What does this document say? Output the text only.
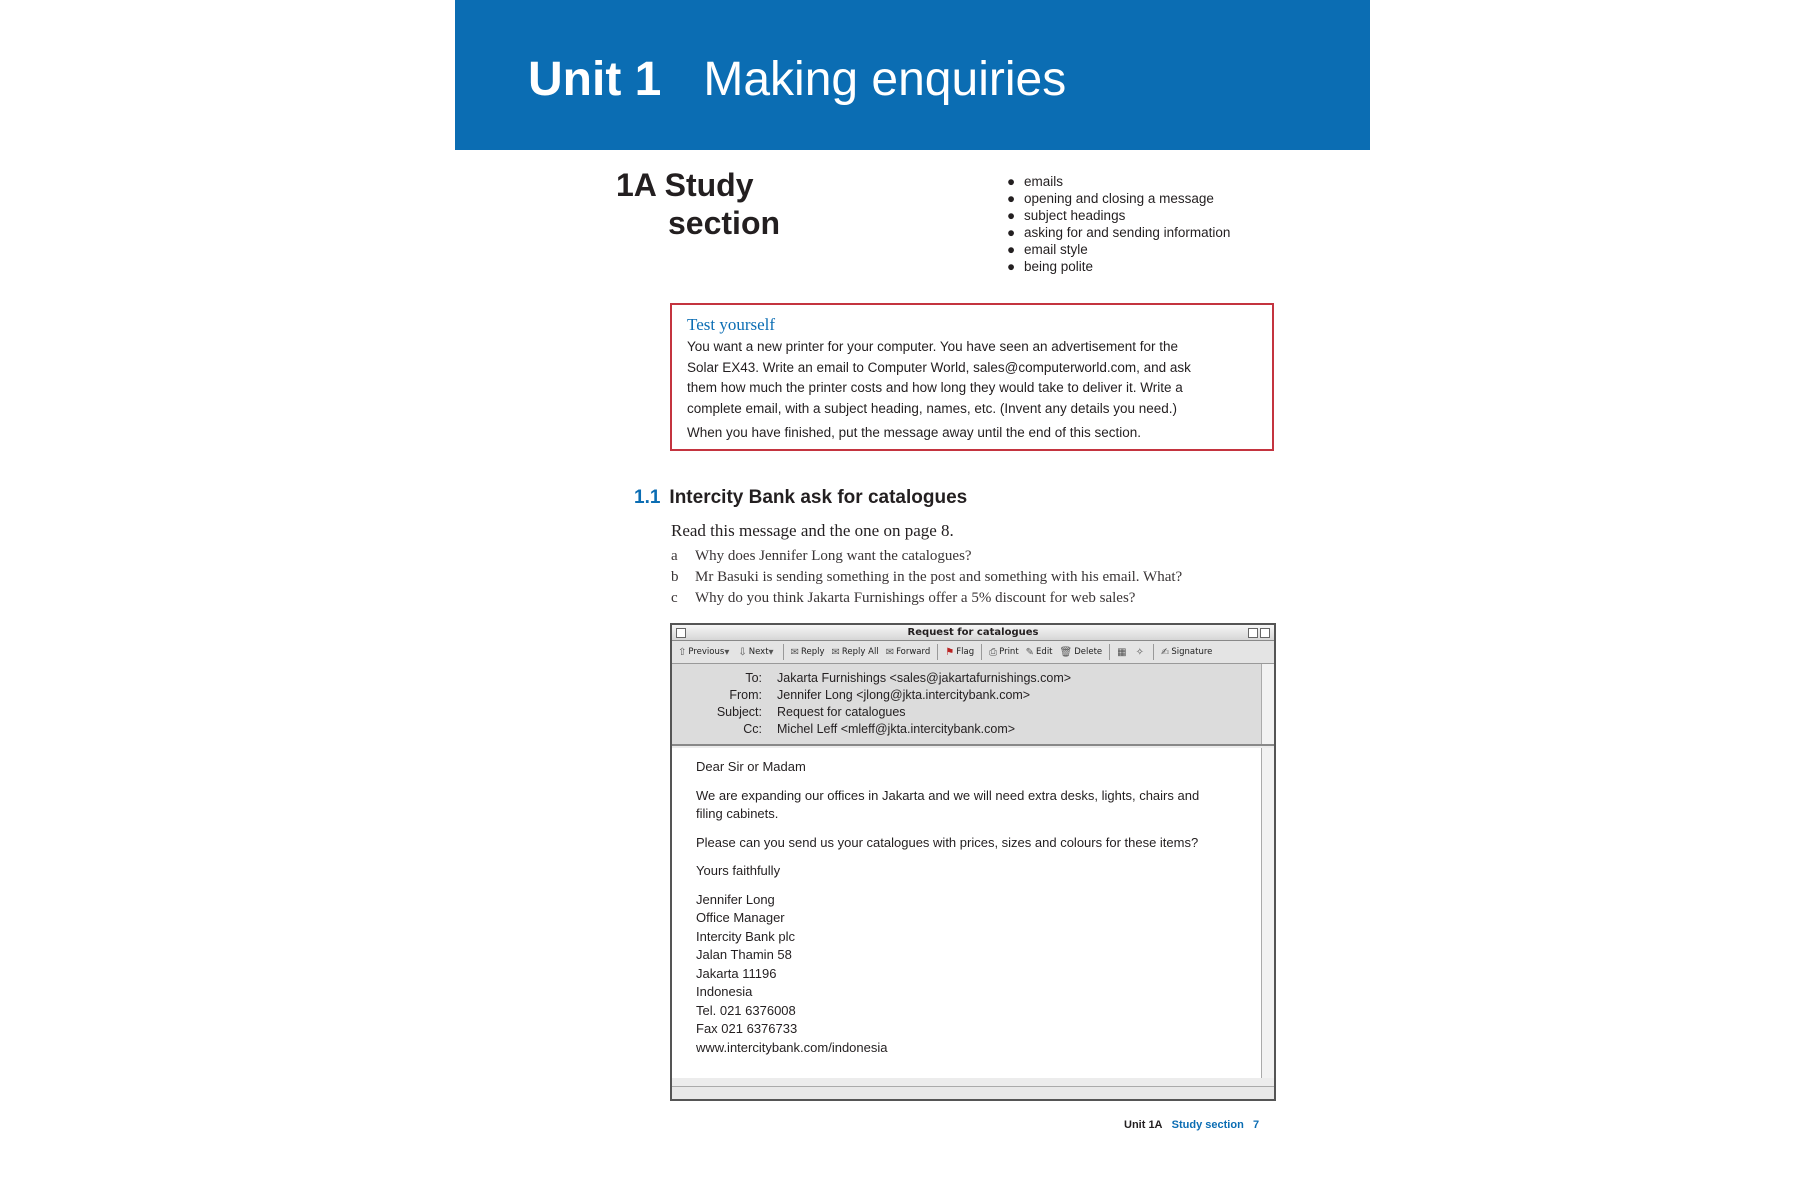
Unit 1 Making enquiries
1A Study
section
● emails
● opening and closing a message
● subject headings
● asking for and sending information
● email style
● being polite

Test yourself

You want a new printer for your computer. You have seen an advertisement for the
Solar EX43. Write an email to Computer World, sales@computerworld.com, and ask
them how much the printer costs and how long they would take to deliver it. Write a
complete email, with a subject heading, names, etc. (Invent any details you need.)

When you have finished, put the message away until the end of this section.

1.1 Intercity Bank ask for catalogues
Read this message and the one on page 8.
a Why does Jennifer Long want the catalogues?
b Mr Basuki is sending something in the post and something with his email. What?
c Why do you think Jakarta Furnishings offer a 5% discount for web sales?
Request for catalogues
⇧ Previous ▾ ⇩ Next ▾ ✉ Reply ✉ Reply All ✉ Forward ⚑ Flag ⎙ Print ✎ Edit 🗑 Delete ▦ ✧ ✍ Signature
To:	Jakarta Furnishings <sales@jakartafurnishings.com>
From:	Jennifer Long <jlong@jkta.intercitybank.com>
Subject:	Request for catalogues
Cc:	Michel Leff <mleff@jkta.intercitybank.com>

Dear Sir or Madam

We are expanding our offices in Jakarta and we will need extra desks, lights, chairs and
filing cabinets.

Please can you send us your catalogues with prices, sizes and colours for these items?

Yours faithfully

Jennifer Long
Office Manager
Intercity Bank plc
Jalan Thamin 58
Jakarta 11196
Indonesia
Tel. 021 6376008
Fax 021 6376733
www.intercitybank.com/indonesia
Unit 1A Study section 7
